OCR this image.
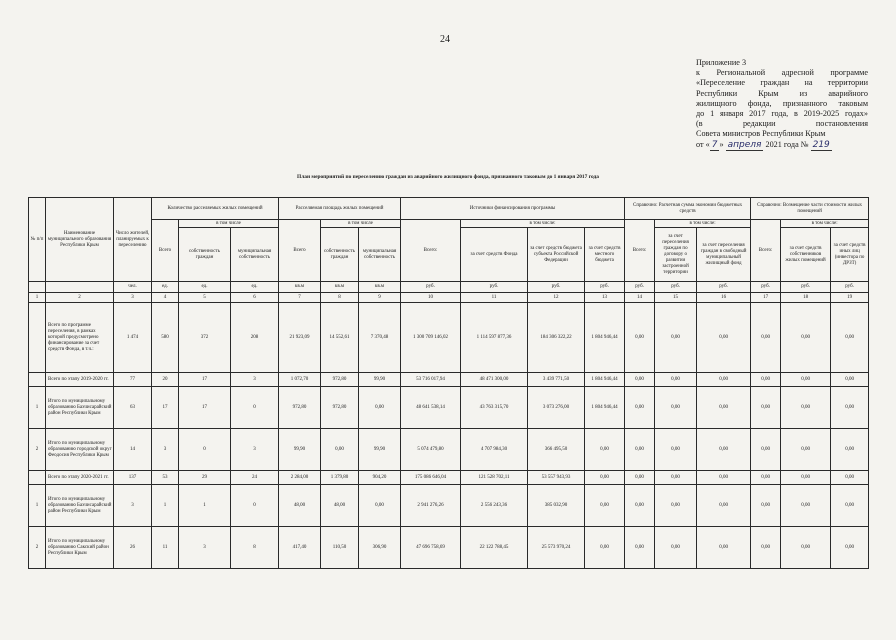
24
Приложение 3
к Региональной адресной программе
«Переселение граждан на территории
Республики Крым из аварийного
жилищного фонда, признанного таковым
до 1 января 2017 года, в 2019-2025 годах»
(в редакции постановления
Совета министров Республики Крым
от « 7 »
апреля
2021 года №
219
План мероприятий по переселению граждан из аварийного жилищного фонда, признанного таковым до 1 января 2017 года
№ п/п	Наименование муниципального образования Республики Крым	Число жителей, планируемых к переселению	Количество расселяемых жилых помещений			Расселяемая площадь жилых помещений			Источники финансирования программы				Справочно: Расчетная сумма экономии бюджетных средств			Справочно: Возмещение части стоимости жилых помещений		
			Всего	в том числе		Всего	в том числе		Всего:	в том числе:			Всего:	в том числе:		Всего:	в том числе:	
				собственность граждан	муниципальная собственность		собственность граждан	муниципальная собственность		за счет средств Фонда	за счет средств бюджета субъекта Российской Федерации	за счет средств местного бюджета		за счет переселения граждан по договору о развитии застроенной территории	за счет переселения граждан в свободный муниципальный жилищный фонд		за счет средств собственников жилых помещений	за счет средств иных лиц (инвестора по ДРЗТ)
		чел.	ед.	ед.	ед.	кв.м	кв.м	кв.м	руб.	руб.	руб.	руб.	руб.	руб.	руб.	руб.	руб.	руб.
1	2	3	4	5	6	7	8	9	10	11	12	13	14	15	16	17	18	19
	Всего по программе переселения, в рамках которой предусмотрено финансирование за счет средств Фонда, в т.ч.:	1 474	580	372	208	21 923,09	14 552,61	7 370,48	1 300 709 146,02	1 114 597 877,36	184 306 322,22	1 804 946,44	0,00	0,00	0,00	0,00	0,00	0,00
	Всего по этапу 2019-2020 гг.	77	20	17	3	1 072,70	972,80	99,90	53 716 017,94	48 471 300,00	3 439 771,50	1 804 946,44	0,00	0,00	0,00	0,00	0,00	0,00
1	Итого по муниципальному образованию Бахчисарайский район Республики Крым	63	17	17	0	972,80	972,80	0,00	48 641 538,14	43 763 315,70	3 073 276,00	1 804 946,44	0,00	0,00	0,00	0,00	0,00	0,00
2	Итого по муниципальному образованию городской округ Феодосия Республики Крым	14	3	0	3	99,90	0,00	99,90	5 074 479,80	4 707 984,30	366 495,50	0,00	0,00	0,00	0,00	0,00	0,00	0,00
	Всего по этапу 2020-2021 гг.	137	53	29	24	2 284,00	1 379,80	904,20	175 086 646,04	121 528 702,11	53 557 943,93	0,00	0,00	0,00	0,00	0,00	0,00	0,00
1	Итого по муниципальному образованию Бахчисарайский район Республики Крым	3	1	1	0	48,00	48,00	0,00	2 941 276,26	2 556 243,36	385 032,90	0,00	0,00	0,00	0,00	0,00	0,00	0,00
2	Итого по муниципальному образованию Сакский район Республики Крым	26	11	3	8	417,40	110,50	306,90	47 696 758,69	22 122 788,45	25 573 970,24	0,00	0,00	0,00	0,00	0,00	0,00	0,00
